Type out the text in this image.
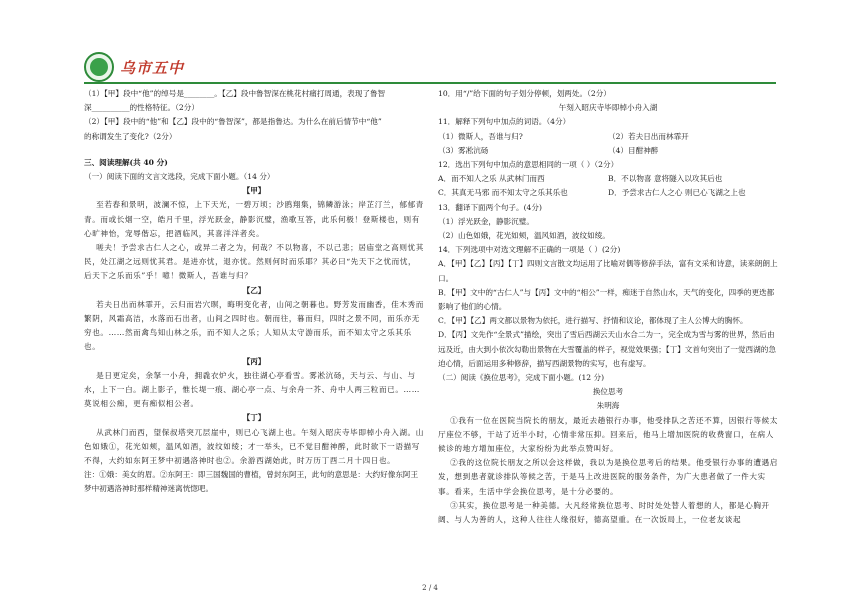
乌市五中

（1）【甲】段中“他”的绰号是________。【乙】段中鲁智深在桃花村痛打周通，表现了鲁智

深__________的性格特征。（2分）

（2）【甲】段中的“他”和【乙】段中的“鲁智深”，都是指鲁达。为什么在前后情节中“他”

的称谓发生了变化?（2分）

三、阅读理解(共 40 分)

（一）阅读下面的文言文选段，完成下面小题。（14 分）

【甲】

至若春和景明，波澜不惊，上下天光，一碧万顷；沙鸥翔集，锦鳞游泳；岸芷汀兰，郁郁青青。而或长烟一空，皓月千里，浮光跃金，静影沉璧，渔歌互答，此乐何极！登斯楼也，则有心旷神怡，宠辱偕忘，把酒临风，其喜洋洋者矣。

嗟夫！予尝求古仁人之心，或异二者之为，何哉？不以物喜，不以己悲；居庙堂之高则忧其民，处江湖之远则忧其君。是进亦忧，退亦忧。然则何时而乐耶？其必曰“先天下之忧而忧，后天下之乐而乐”乎！噫！微斯人，吾谁与归？

【乙】

若夫日出而林霏开，云归而岩穴暝，晦明变化者，山间之朝暮也。野芳发而幽香，佳木秀而繁阴，风霜高洁，水落而石出者，山间之四时也。朝而往，暮而归，四时之景不同，而乐亦无穷也。……然而禽鸟知山林之乐，而不知人之乐；人知从太守游而乐，而不知太守之乐其乐也。

【丙】

是日更定矣，余拏一小舟，拥毳衣炉火，独往湖心亭看雪。雾凇沆砀，天与云、与山、与水，上下一白。湖上影子，惟长堤一痕、湖心亭一点、与余舟一芥、舟中人两三粒而已。……莫说相公痴，更有痴似相公者。

【丁】

从武林门而西，望保叔塔突兀层崖中，则已心飞湖上也。午刻入昭庆寺毕即棹小舟入湖。山色如娥①，花光如颊，温风如酒，波纹如绫；才一举头，已不觉目酣神醉，此时欲下一语描写不得，大约如东阿王梦中初遇洛神时也②。余游西湖始此，时万历丁酉二月十四日也。

注：①娥：美女的眉。②东阿王：即三国魏国的曹植，曾封东阿王，此句的意思是：大约好像东阿王梦中初遇洛神时那样精神迷离恍惚吧。

10．用“/”给下面的句子划分停顿，划两处。（2分）

午刻入昭庆寺毕即棹小舟入湖

11．解释下列句中加点的词语。（4分）

（1）微斯人，吾谁与归?	（2）若夫日出而林霏开
（3）雾凇沆砀	（4）目酣神醉

12．选出下列句中加点的意思相同的一项（ ）（2分）

A．而不知人之乐 从武林门而西	B．不以物喜 意将隧入以攻其后也
C．其真无马邪 而不知太守之乐其乐也	D．予尝求古仁人之心 则已心飞湖之上也

13．翻译下面两个句子。(4分)

（1）浮光跃金，静影沉璧。

（2）山色如娥，花光如颊，温风如酒，波纹如绫。

14．下列选项中对选文理解不正确的一项是（ ）(2分)

A．【甲】【乙】【丙】【丁】四则文言散文均运用了比喻对偶等修辞手法，富有文采和诗意，读来朗朗上口。

B．【甲】文中的“古仁人”与【丙】文中的“相公”一样，痴迷于自然山水，天气的变化，四季的更迭都影响了他们的心情。

C．【甲】【乙】两文都以景物为依托，进行描写、抒情和议论，都体现了主人公博大的胸怀。

D．【丙】文先作“全景式”描绘，突出了雪后西湖云天山水合二为一，完全成为雪与雾的世界，然后由远及近，由大到小依次勾勒出景物在大雪覆盖的样子，视觉效果强；【丁】文首句突出了一觉西湖的急迫心情，后面运用多种修辞，描写西湖景物的实写，也有虚写。

（二）阅读《换位思考》，完成下面小题。(12 分)

换位思考

朱明海

①我有一位在医院当院长的朋友，最近去趟银行办事，他受排队之苦还不算，因银行等候太厅座位不够，干站了近半小时，心情非常压抑。回来后，他马上增加医院的收费窗口，在病人候诊的地方增加座位，大家纷纷为此举点赞叫好。

②我的这位院长朋友之所以会这样做，我以为是换位思考后的结果。他受银行办事的遭遇启发，想到患者就诊排队等候之苦，于是马上改进医院的服务条件，为广大患者做了一件大实事。看来，生活中学会换位思考，是十分必要的。

③其实，换位思考是一种美德。大凡经常换位思考、时时处处替人着想的人，都是心胸开阔、与人为善的人，这种人往往人缘很好，德高望重。在一次饭局上，一位老友谈起

2 / 4
